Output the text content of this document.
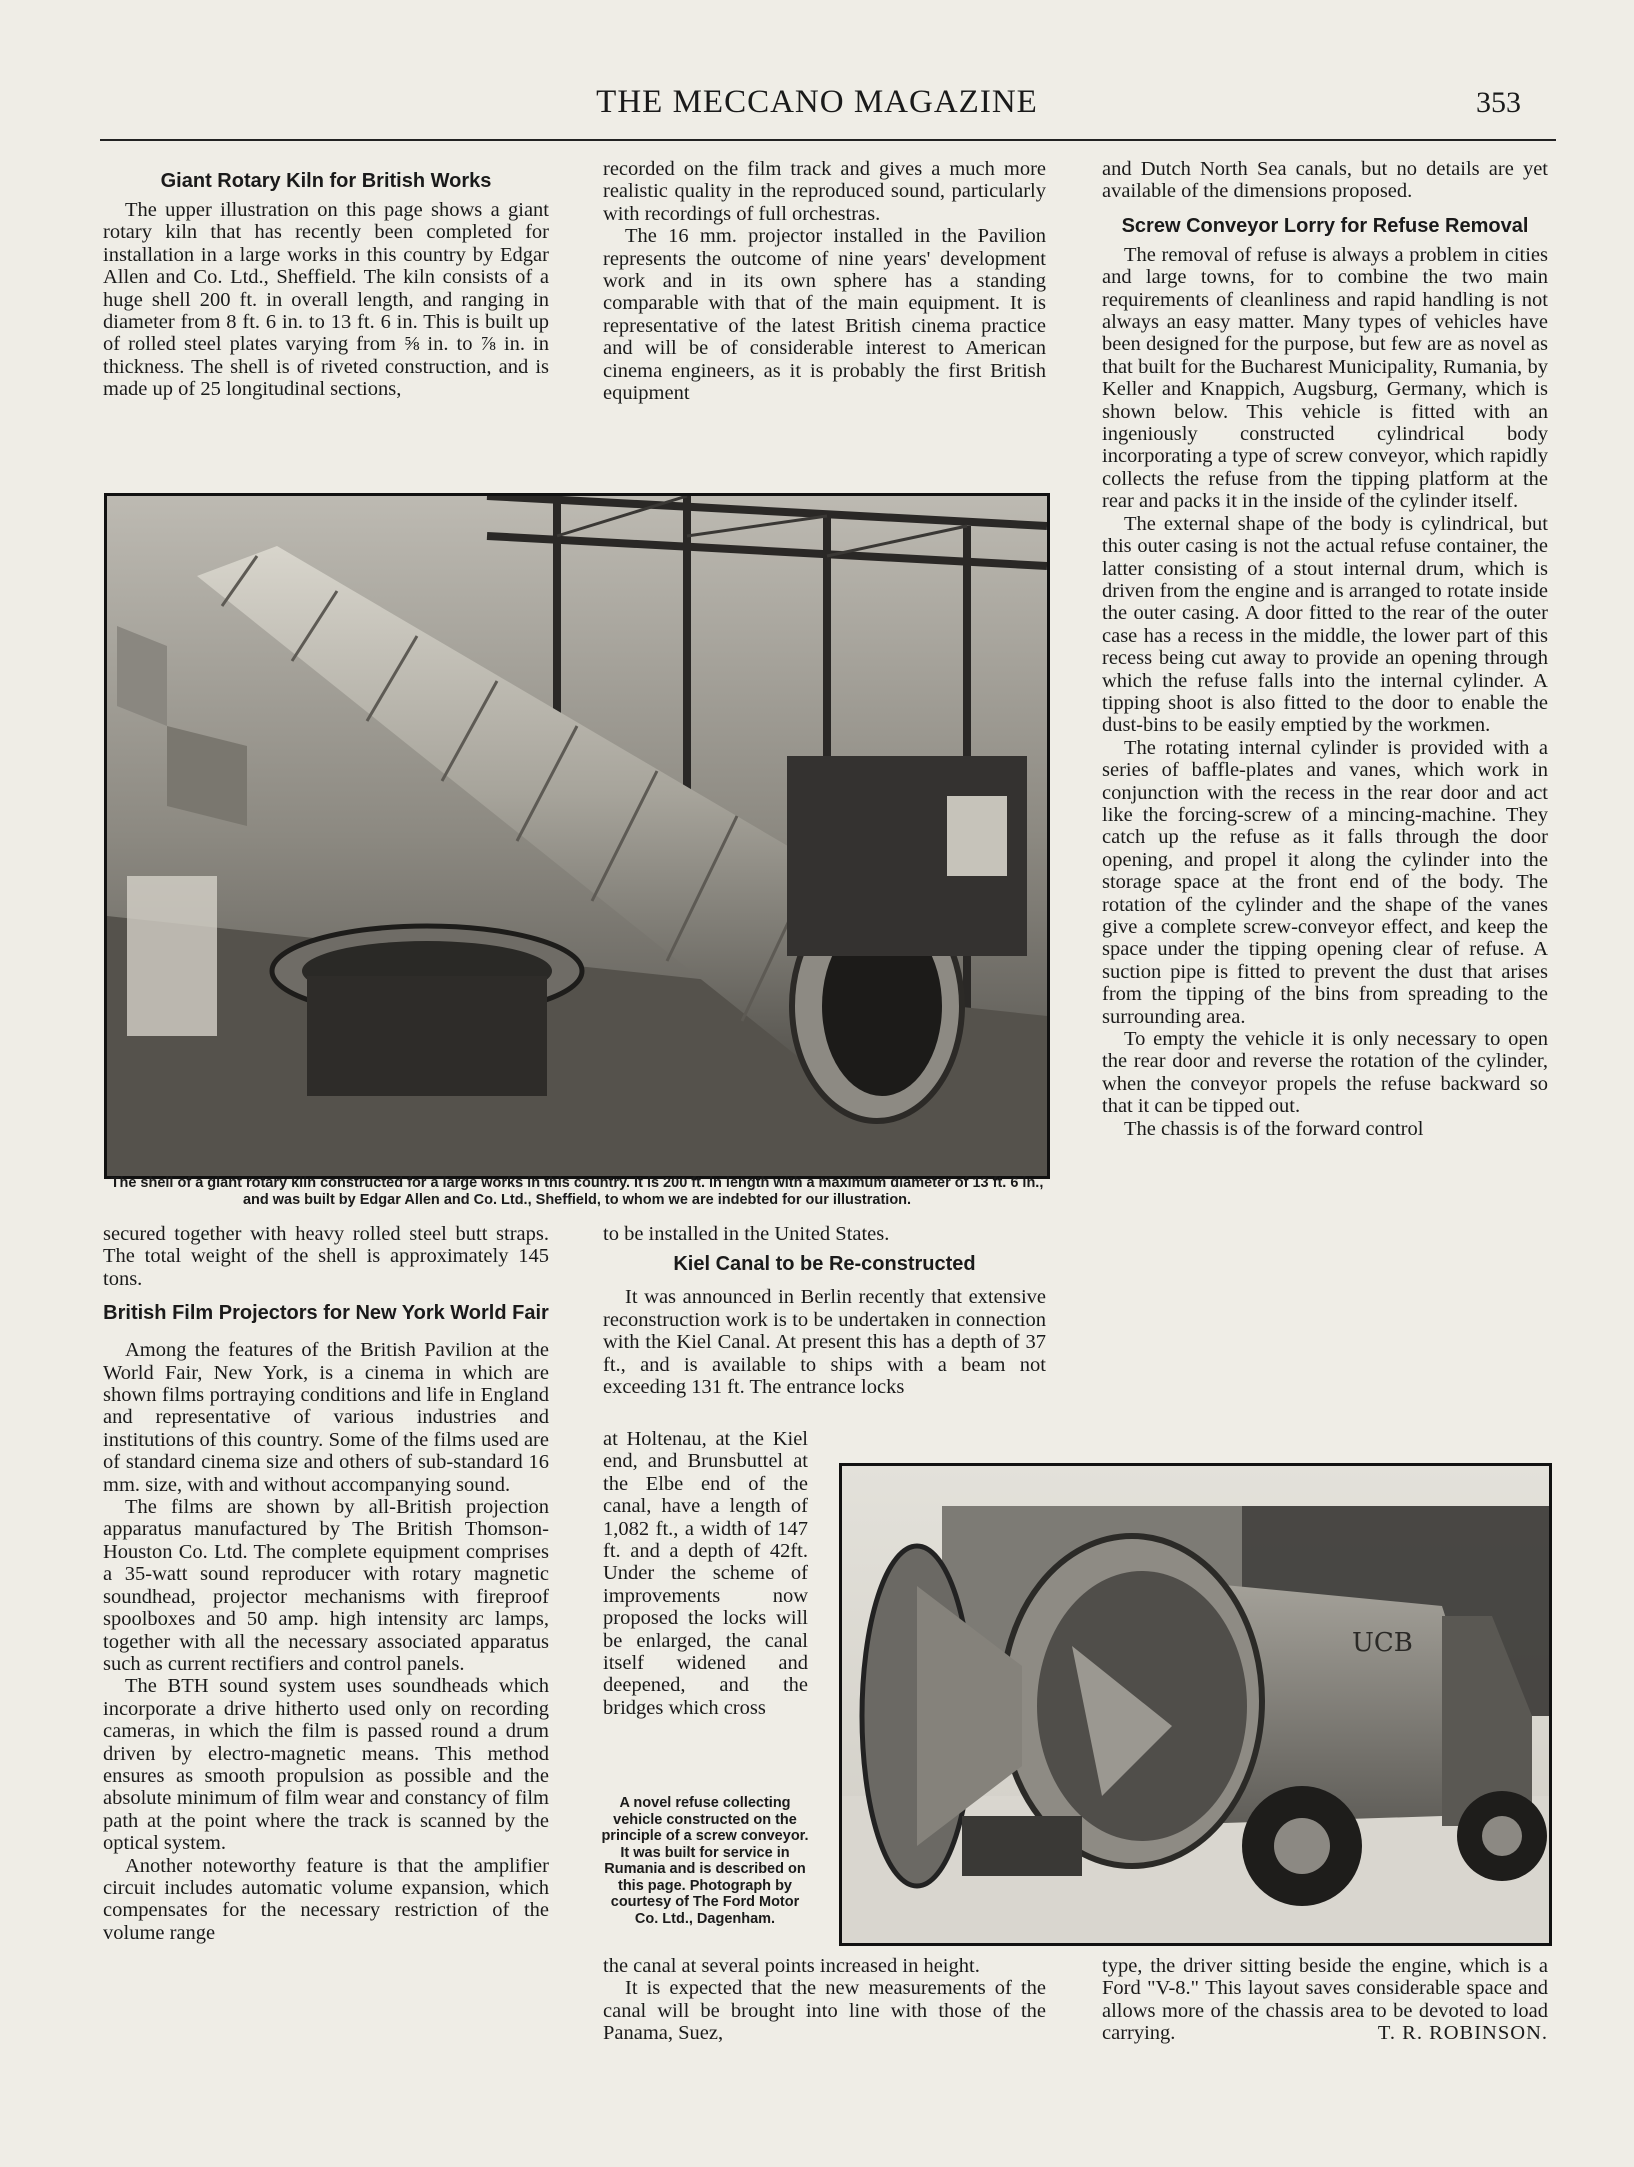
THE MECCANO MAGAZINE	353
Giant Rotary Kiln for British Works

The upper illustration on this page shows a giant rotary kiln that has recently been completed for installation in a large works in this country by Edgar Allen and Co. Ltd., Sheffield. The kiln consists of a huge shell 200 ft. in overall length, and ranging in diameter from 8 ft. 6 in. to 13 ft. 6 in. This is built up of rolled steel plates varying from ⅝ in. to ⅞ in. in thickness. The shell is of riveted construction, and is made up of 25 longitudinal sections,

recorded on the film track and gives a much more realistic quality in the reproduced sound, particularly with recordings of full orchestras.

The 16 mm. projector installed in the Pavilion represents the outcome of nine years' development work and in its own sphere has a standing comparable with that of the main equipment. It is representative of the latest British cinema practice and will be of considerable interest to American cinema engineers, as it is probably the first British equipment

and Dutch North Sea canals, but no details are yet available of the dimensions proposed.

Screw Conveyor Lorry for Refuse Removal

The removal of refuse is always a problem in cities and large towns, for to combine the two main requirements of cleanliness and rapid handling is not always an easy matter. Many types of vehicles have been designed for the purpose, but few are as novel as that built for the Bucharest Municipality, Rumania, by Keller and Knappich, Augsburg, Germany, which is shown below. This vehicle is fitted with an ingeniously constructed cylindrical body incorporating a type of screw conveyor, which rapidly collects the refuse from the tipping platform at the rear and packs it in the inside of the cylinder itself.

The external shape of the body is cylindrical, but this outer casing is not the actual refuse container, the latter consisting of a stout internal drum, which is driven from the engine and is arranged to rotate inside the outer casing. A door fitted to the rear of the outer case has a recess in the middle, the lower part of this recess being cut away to provide an opening through which the refuse falls into the internal cylinder. A tipping shoot is also fitted to the door to enable the dust-bins to be easily emptied by the workmen.

The rotating internal cylinder is provided with a series of baffle-plates and vanes, which work in conjunction with the recess in the rear door and act like the forcing-screw of a mincing-machine. They catch up the refuse as it falls through the door opening, and propel it along the cylinder into the storage space at the front end of the body. The rotation of the cylinder and the shape of the vanes give a complete screw-conveyor effect, and keep the space under the tipping opening clear of refuse. A suction pipe is fitted to prevent the dust that arises from the tipping of the bins from spreading to the surrounding area.

To empty the vehicle it is only necessary to open the rear door and reverse the rotation of the cylinder, when the conveyor propels the refuse backward so that it can be tipped out.

The chassis is of the forward control

The shell of a giant rotary kiln constructed for a large works in this country. It is 200 ft. in length with a maximum diameter of 13 ft. 6 in., and was built by Edgar Allen and Co. Ltd., Sheffield, to whom we are indebted for our illustration.

secured together with heavy rolled steel butt straps. The total weight of the shell is approximately 145 tons.

British Film Projectors for New York World Fair

Among the features of the British Pavilion at the World Fair, New York, is a cinema in which are shown films portraying conditions and life in England and representative of various industries and institutions of this country. Some of the films used are of standard cinema size and others of sub-standard 16 mm. size, with and without accompanying sound.

The films are shown by all-British projection apparatus manufactured by The British Thomson-Houston Co. Ltd. The complete equipment comprises a 35-watt sound reproducer with rotary magnetic soundhead, projector mechanisms with fireproof spoolboxes and 50 amp. high intensity arc lamps, together with all the necessary associated apparatus such as current rectifiers and control panels.

The BTH sound system uses soundheads which incorporate a drive hitherto used only on recording cameras, in which the film is passed round a drum driven by electro-magnetic means. This method ensures as smooth propulsion as possible and the absolute minimum of film wear and constancy of film path at the point where the track is scanned by the optical system.

Another noteworthy feature is that the amplifier circuit includes automatic volume expansion, which compensates for the necessary restriction of the volume range

to be installed in the United States.

Kiel Canal to be Re-constructed

It was announced in Berlin recently that extensive reconstruction work is to be undertaken in connection with the Kiel Canal. At present this has a depth of 37 ft., and is available to ships with a beam not exceeding 131 ft. The entrance locks

at Holtenau, at the Kiel end, and Brunsbuttel at the Elbe end of the canal, have a length of 1,082 ft., a width of 147 ft. and a depth of 42ft. Under the scheme of improvements now proposed the locks will be enlarged, the canal itself widened and deepened, and the bridges which cross

A novel refuse collecting vehicle constructed on the principle of a screw conveyor. It was built for service in Rumania and is described on this page. Photograph by courtesy of The Ford Motor Co. Ltd., Dagenham.

the canal at several points increased in height.

It is expected that the new measurements of the canal will be brought into line with those of the Panama, Suez,

UCB

type, the driver sitting beside the engine, which is a Ford "V-8." This layout saves considerable space and allows more of the chassis area to be devoted to load carrying.	T. R. ROBINSON.
